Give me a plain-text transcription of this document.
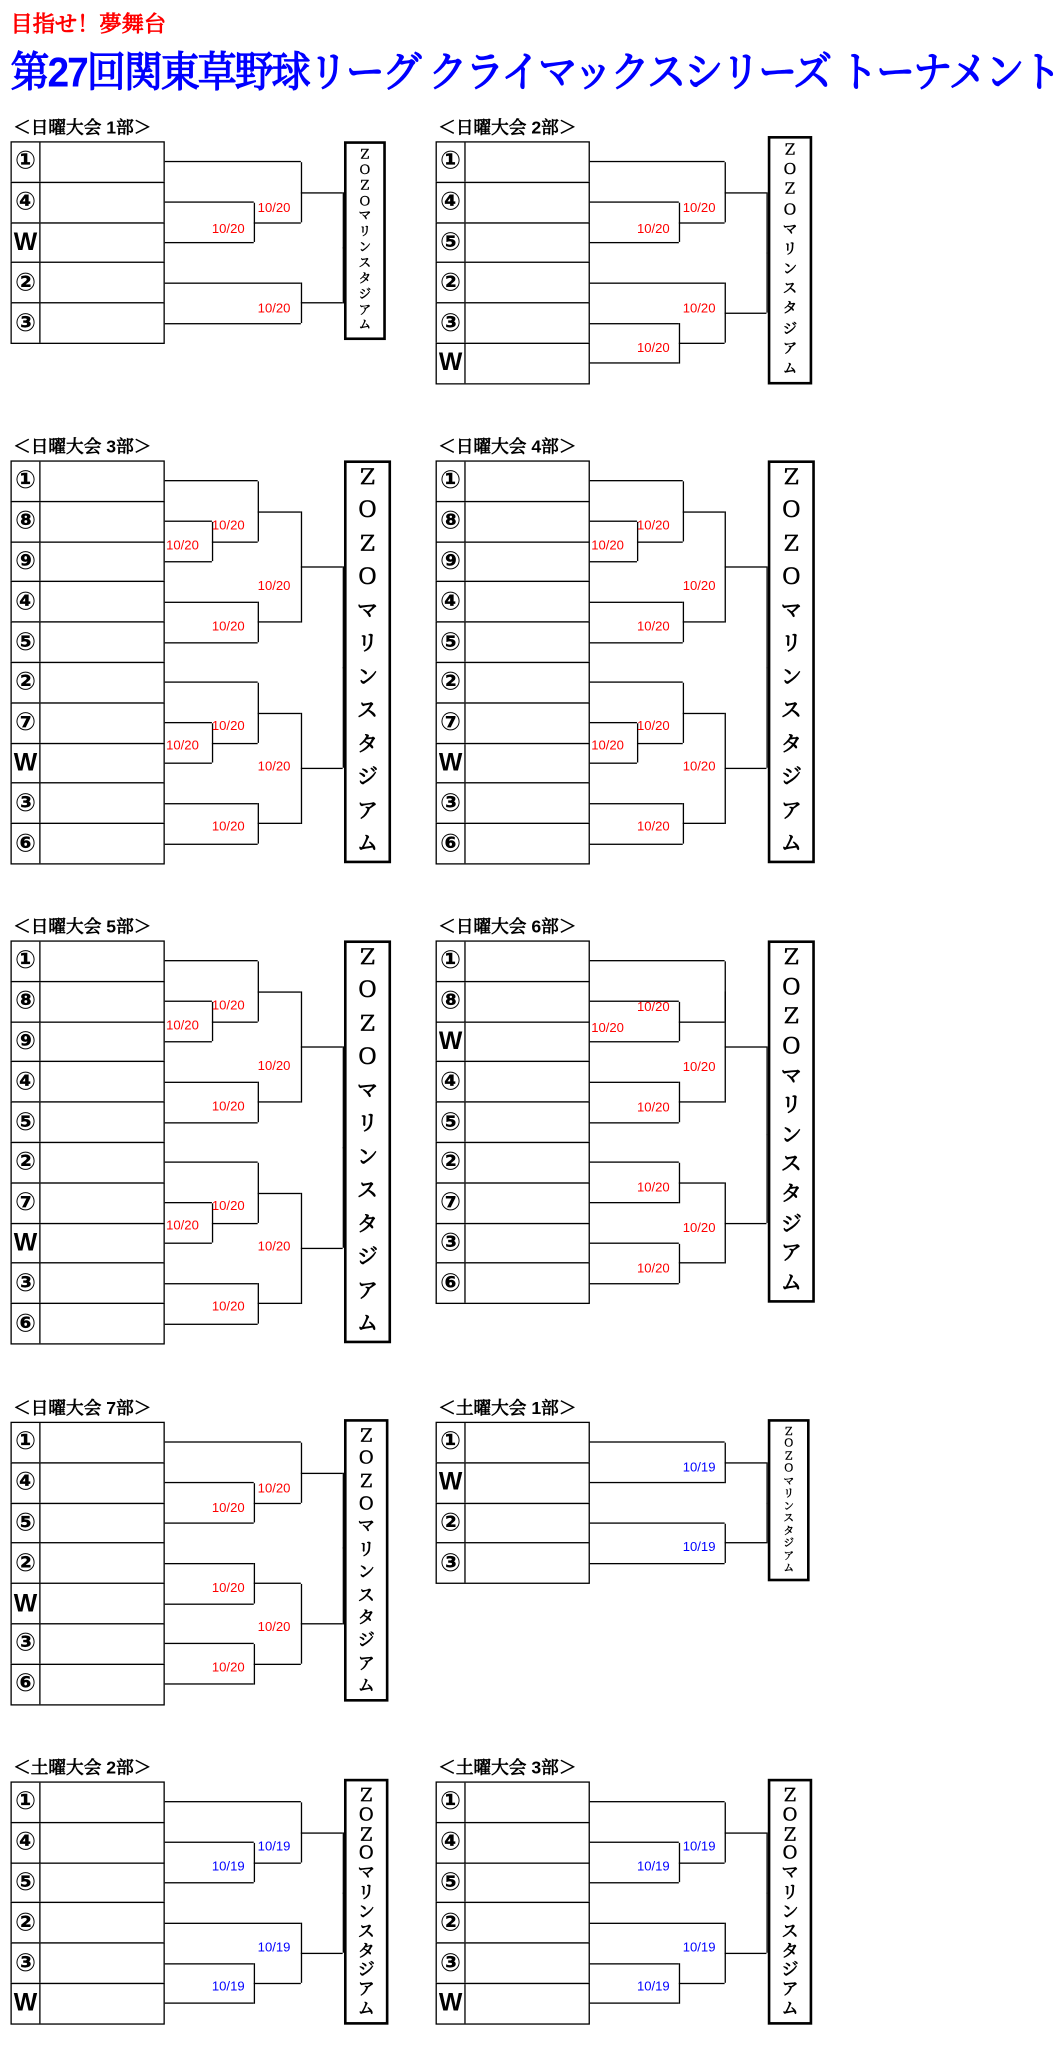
目指せ！夢舞台
第27回関東草野球リーグ クライマックスシリーズ トーナメント
＜日曜大会 1部＞
①
④
W
②
③
10/20
10/20
10/20
Ｚ
Ｏ
Ｚ
Ｏ
マ
リ
ン
ス
タ
ジ
ア
ム
＜日曜大会 2部＞
①
④
⑤
②
③
W
10/20
10/20
10/20
10/20
Ｚ
Ｏ
Ｚ
Ｏ
マ
リ
ン
ス
タ
ジ
ア
ム
＜日曜大会 3部＞
①
⑧
⑨
④
⑤
②
⑦
W
③
⑥
10/20
10/20
10/20
10/20
10/20
10/20
10/20
10/20
Ｚ
Ｏ
Ｚ
Ｏ
マ
リ
ン
ス
タ
ジ
ア
ム
＜日曜大会 4部＞
①
⑧
⑨
④
⑤
②
⑦
W
③
⑥
10/20
10/20
10/20
10/20
10/20
10/20
10/20
10/20
Ｚ
Ｏ
Ｚ
Ｏ
マ
リ
ン
ス
タ
ジ
ア
ム
＜日曜大会 5部＞
①
⑧
⑨
④
⑤
②
⑦
W
③
⑥
10/20
10/20
10/20
10/20
10/20
10/20
10/20
10/20
Ｚ
Ｏ
Ｚ
Ｏ
マ
リ
ン
ス
タ
ジ
ア
ム
＜日曜大会 6部＞
①
⑧
W
④
⑤
②
⑦
③
⑥
10/20
10/20
10/20
10/20
10/20
10/20
10/20
Ｚ
Ｏ
Ｚ
Ｏ
マ
リ
ン
ス
タ
ジ
ア
ム
＜日曜大会 7部＞
①
④
⑤
②
W
③
⑥
10/20
10/20
10/20
10/20
10/20
Ｚ
Ｏ
Ｚ
Ｏ
マ
リ
ン
ス
タ
ジ
ア
ム
＜土曜大会 1部＞
①
W
②
③
10/19
10/19
Ｚ
Ｏ
Ｚ
Ｏ
マ
リ
ン
ス
タ
ジ
ア
ム
＜土曜大会 2部＞
①
④
⑤
②
③
W
10/19
10/19
10/19
10/19
Ｚ
Ｏ
Ｚ
Ｏ
マ
リ
ン
ス
タ
ジ
ア
ム
＜土曜大会 3部＞
①
④
⑤
②
③
W
10/19
10/19
10/19
10/19
Ｚ
Ｏ
Ｚ
Ｏ
マ
リ
ン
ス
タ
ジ
ア
ム
